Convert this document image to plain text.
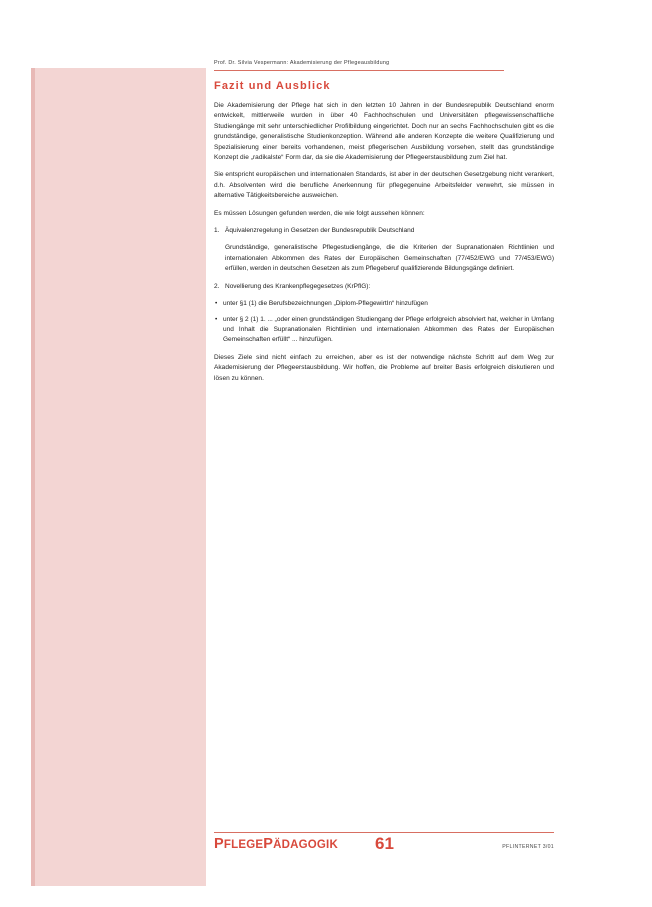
Prof. Dr. Silvia Vespermann: Akademisierung der Pflegeausbildung
Fazit und Ausblick

Die Akademisierung der Pflege hat sich in den letzten 10 Jahren in der Bundesrepublik Deutschland enorm entwickelt, mittlerweile wurden in über 40 Fachhochschulen und Universitäten pflegewissenschaftliche Studiengänge mit sehr unterschiedlicher Profilbildung eingerichtet. Doch nur an sechs Fachhochschulen gibt es die grundständige, generalistische Studienkonzeption. Während alle anderen Konzepte die weitere Qualifizierung und Spezialisierung einer bereits vorhandenen, meist pflegerischen Ausbildung vorsehen, stellt das grundständige Konzept die „radikalste“ Form dar, da sie die Akademisierung der Pflegeerstausbildung zum Ziel hat.

Sie entspricht europäischen und internationalen Standards, ist aber in der deutschen Gesetzgebung nicht verankert, d.h. Absolventen wird die berufliche Anerkennung für pflegegenuine Arbeitsfelder verwehrt, sie müssen in alternative Tätigkeitsbereiche ausweichen.

Es müssen Lösungen gefunden werden, die wie folgt aussehen können:

1. Äquivalenzregelung in Gesetzen der Bundesrepublik Deutschland

Grundständige, generalistische Pflegestudiengänge, die die Kriterien der Supranationalen Richtlinien und internationalen Abkommen des Rates der Europäischen Gemeinschaften (77/452/EWG und 77/453/EWG) erfüllen, werden in deutschen Gesetzen als zum Pflegeberuf qualifizierende Bildungsgänge definiert.

2. Novellierung des Krankenpflegegesetzes (KrPflG):
• unter §1 (1) die Berufsbezeichnungen „Diplom-PflegewirtIn“ hinzufügen
• unter § 2 (1) 1. ... „oder einen grundständigen Studiengang der Pflege erfolgreich absolviert hat, welcher in Umfang und Inhalt die Supranationalen Richtlinien und internationalen Abkommen des Rates der Europäischen Gemeinschaften erfüllt“ ... hinzufügen.

Dieses Ziele sind nicht einfach zu erreichen, aber es ist der notwendige nächste Schritt auf dem Weg zur Akademisierung der Pflegeerstausbildung. Wir hoffen, die Probleme auf breiter Basis erfolgreich diskutieren und lösen zu können.

PFLEGEPÄDAGOGIK 61	PFLINTERNET 3/01
